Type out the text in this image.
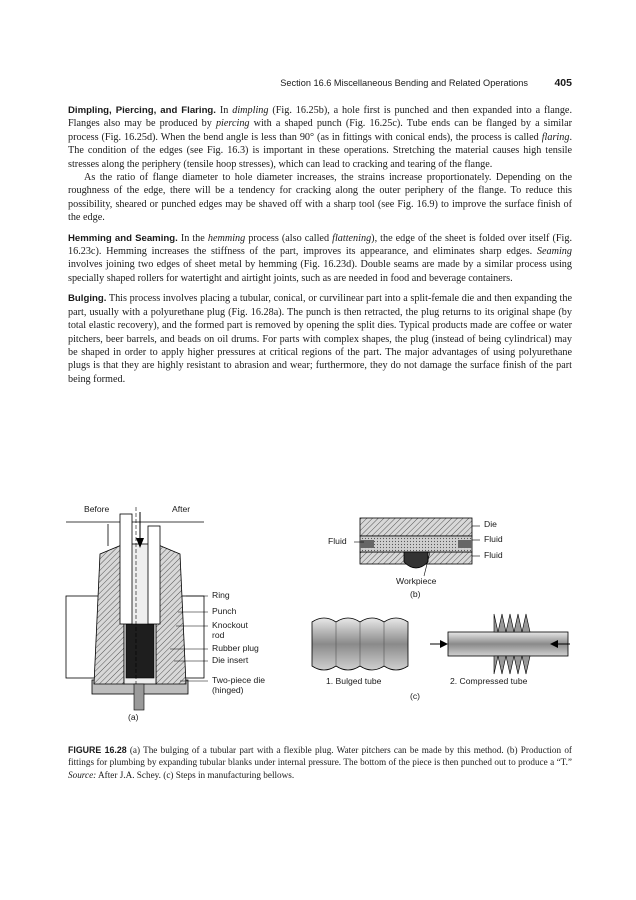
Section 16.6 Miscellaneous Bending and Related Operations	405

Dimpling, Piercing, and Flaring. In dimpling (Fig. 16.25b), a hole first is punched and then expanded into a flange. Flanges also may be produced by piercing with a shaped punch (Fig. 16.25c). Tube ends can be flanged by a similar process (Fig. 16.25d). When the bend angle is less than 90° (as in fittings with conical ends), the process is called flaring. The condition of the edges (see Fig. 16.3) is important in these operations. Stretching the material causes high tensile stresses along the periphery (tensile hoop stresses), which can lead to cracking and tearing of the flange.

As the ratio of flange diameter to hole diameter increases, the strains increase proportionately. Depending on the roughness of the edge, there will be a tendency for cracking along the outer periphery of the flange. To reduce this possibility, sheared or punched edges may be shaved off with a sharp tool (see Fig. 16.9) to improve the surface finish of the edge.

Hemming and Seaming. In the hemming process (also called flattening), the edge of the sheet is folded over itself (Fig. 16.23c). Hemming increases the stiffness of the part, improves its appearance, and eliminates sharp edges. Seaming involves joining two edges of sheet metal by hemming (Fig. 16.23d). Double seams are made by a similar process using specially shaped rollers for watertight and airtight joints, such as are needed in food and beverage containers.

Bulging. This process involves placing a tubular, conical, or curvilinear part into a split-female die and then expanding the part, usually with a polyurethane plug (Fig. 16.28a). The punch is then retracted, the plug returns to its original shape (by total elastic recovery), and the formed part is removed by opening the split dies. Typical products made are coffee or water pitchers, beer barrels, and beads on oil drums. For parts with complex shapes, the plug (instead of being cylindrical) may be shaped in order to apply higher pressures at critical regions of the part. The major advantages of using polyurethane plugs is that they are highly resistant to abrasion and wear; furthermore, they do not damage the surface finish of the part being formed.

Before	After
Ring
Punch
Knockout
rod
Rubber plug
Die insert
Two-piece die
(hinged)
(a)
Die
Fluid	Fluid
Fluid
Workpiece
(b)
1. Bulged tube	2. Compressed tube
(c)
FIGURE 16.28 (a) The bulging of a tubular part with a flexible plug. Water pitchers can be made by this method. (b) Production of fittings for plumbing by expanding tubular blanks under internal pressure. The bottom of the piece is then punched out to produce a “T.” Source: After J.A. Schey. (c) Steps in manufacturing bellows.
